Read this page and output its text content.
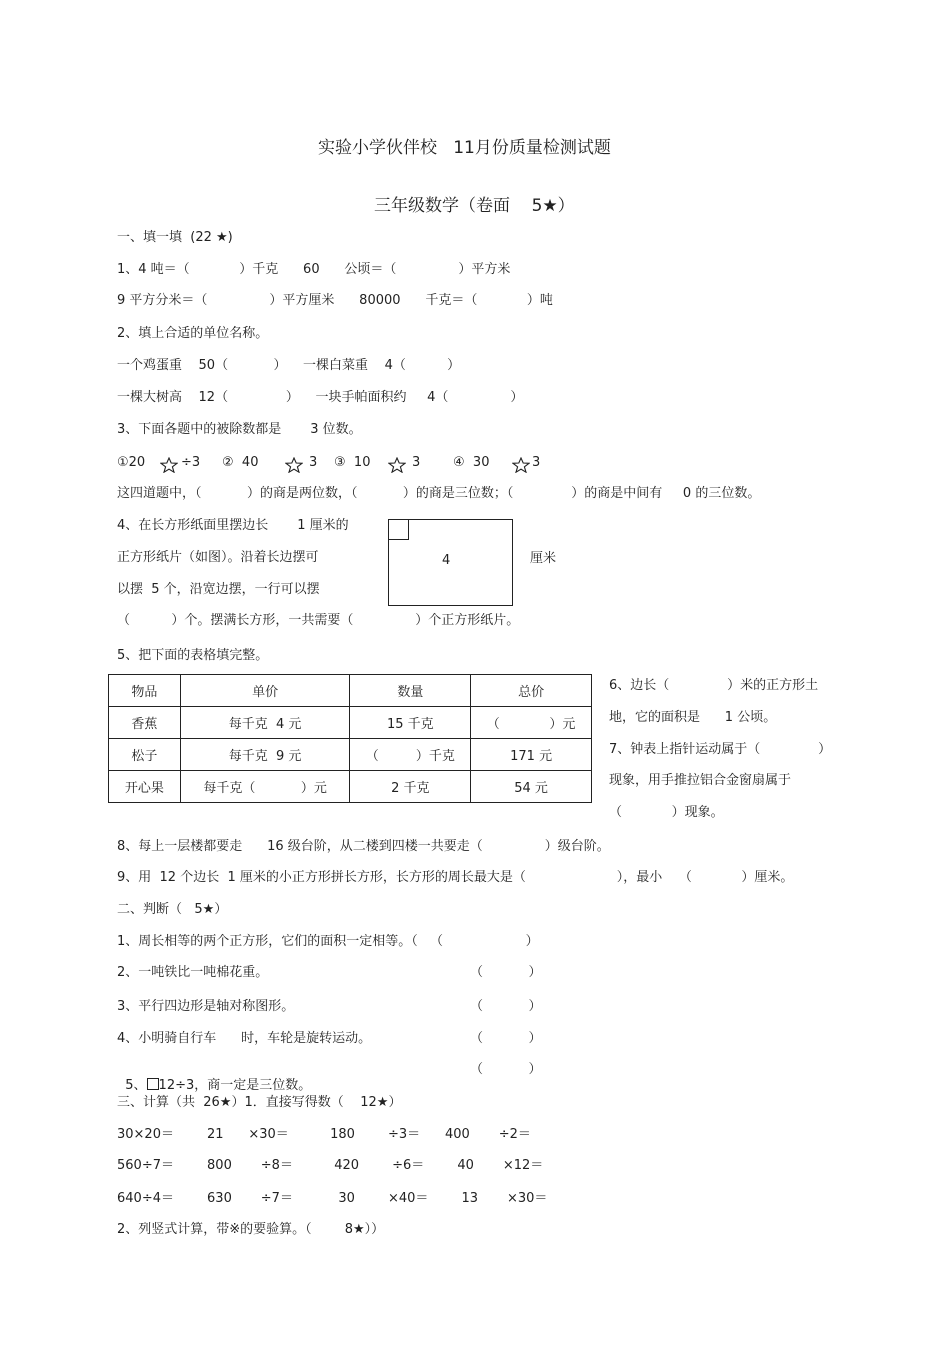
实验小学伙伴校   11月份质量检测试题
三年级数学（卷面    5★）
一、填一填  (22 ★)
1、4 吨＝（            ）千克      60      公顷＝（               ）平方米
9 平方分米＝（               ）平方厘米      80000      千克＝（            ）吨
2、填上合适的单位名称。
一个鸡蛋重    50（           ）    一棵白菜重    4（          ）
一棵大树高    12（              ）    一块手帕面积约     4（               ）
3、下面各题中的被除数都是       3 位数。
①20	÷3 ②  40	3 ③  10	3	④  30	3
这四道题中，（           ）的商是两位数，（           ）的商是三位数；（              ）的商是中间有     0 的三位数。
4、在长方形纸面里摆边长       1 厘米的
正方形纸片（如图）。沿着长边摆可
以摆  5 个，沿宽边摆，一行可以摆
（          ）个。摆满长方形，一共需要（               ）个正方形纸片。
4	厘米
5、把下面的表格填完整。
物品	单价	数量	总价
香蕉	每千克  4 元	15 千克	（            ）元
松子	每千克  9 元	（         ）千克	171 元
开心果	每千克（           ）元	2 千克	54 元
6、边长（              ）米的正方形土
地，它的面积是      1 公顷。
7、钟表上指针运动属于（              ）
现象，用手推拉铝合金窗扇属于
（            ）现象。
8、每上一层楼都要走      16 级台阶，从二楼到四楼一共要走（               ）级台阶。
9、用  12 个边长  1 厘米的小正方形拼长方形，长方形的周长最大是（                      ），最小    （            ）厘米。
二、判断（   5★）
1、周长相等的两个正方形，它们的面积一定相等。（ （                    ）
2、一吨铁比一吨棉花重。	（           ）
3、平行四边形是轴对称图形。	（           ）
4、小明骑自行车      时，车轮是旋转运动。	（           ）

5、 12÷3，商一定是三位数。

（           ）
三、计算（共  26★）1．直接写得数（    12★）
30×20＝        21      ×30＝          180        ÷3＝      400       ÷2＝
560÷7＝        800       ÷8＝          420        ÷6＝        40       ×12＝
640÷4＝        630       ÷7＝           30        ×40＝        13       ×30＝
2、列竖式计算，带※的要验算。（        8★））
